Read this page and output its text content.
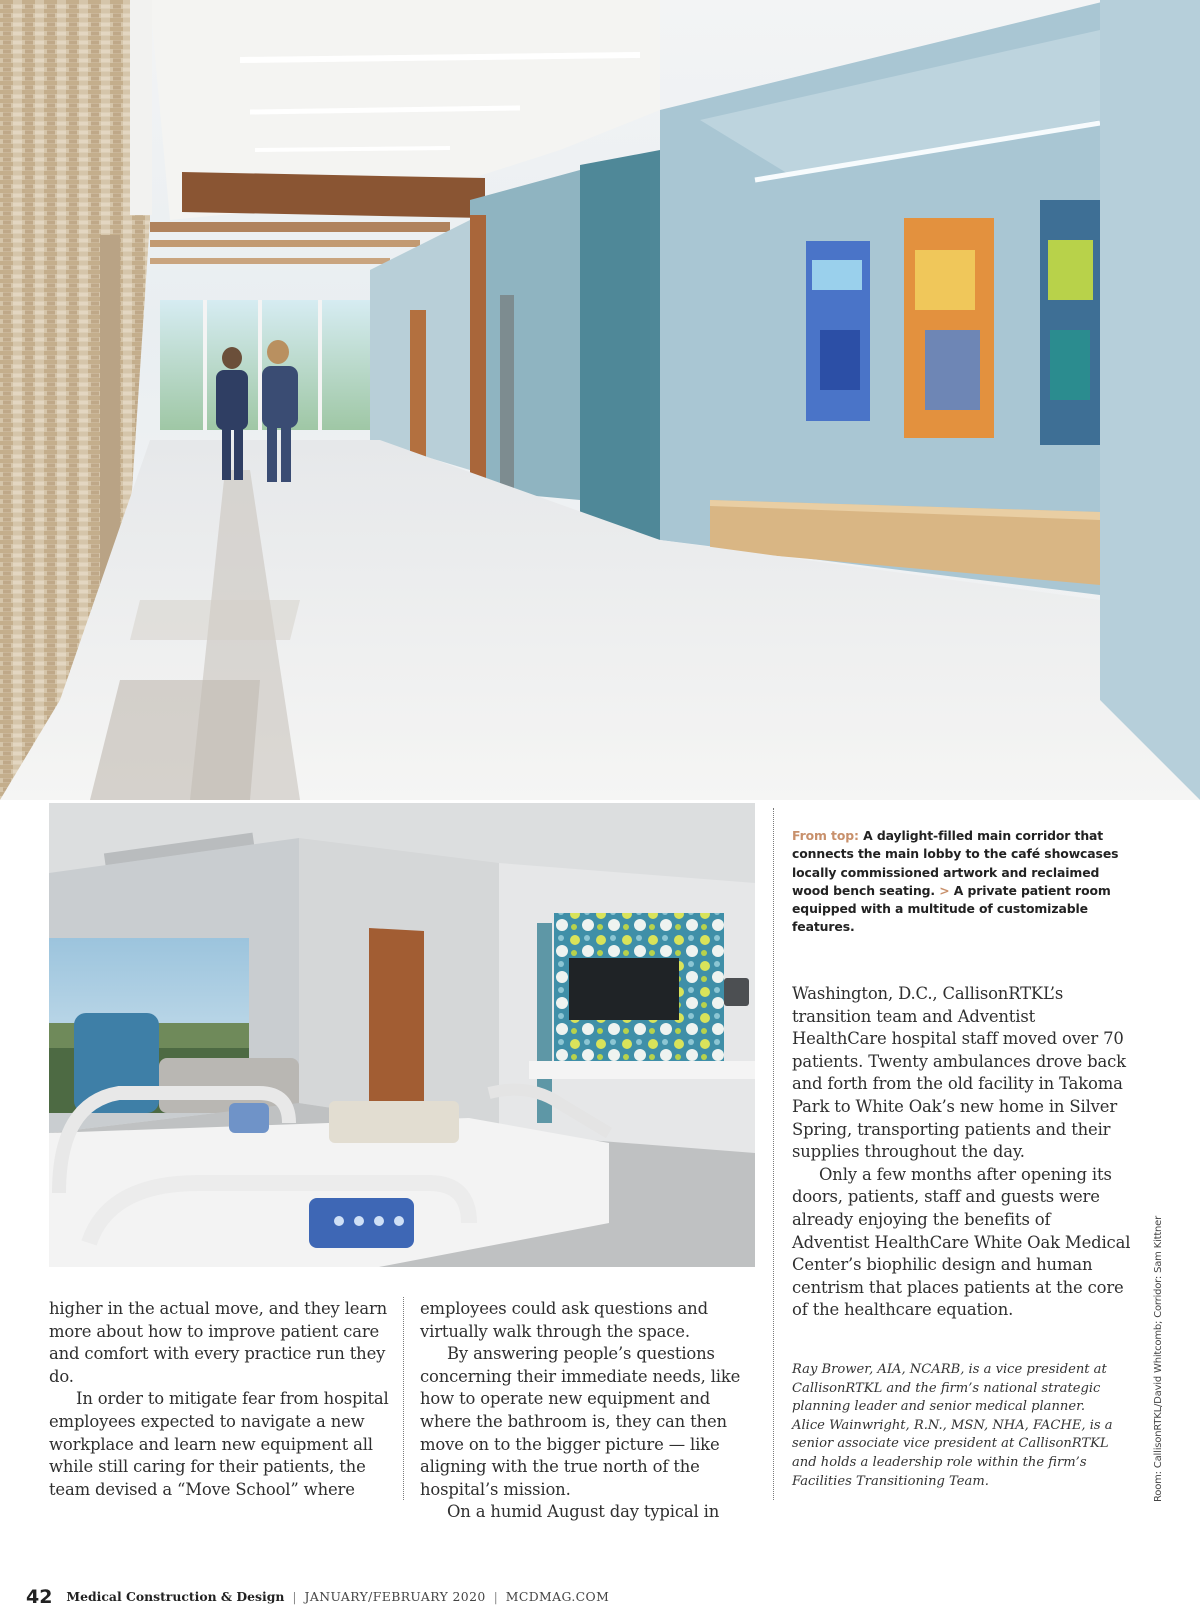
From top: A daylight-filled main corridor that connects the main lobby to the café showcases locally commissioned artwork and reclaimed wood bench seating. > A private patient room equipped with a multitude of customizable features.

higher in the actual move, and they learn more about how to improve patient care and comfort with every practice run they do.

In order to mitigate fear from hospital employees expected to navigate a new workplace and learn new equipment all while still caring for their patients, the team devised a “Move School” where

employees could ask questions and virtually walk through the space.

By answering people’s questions concerning their immediate needs, like how to operate new equipment and where the bathroom is, they can then move on to the bigger picture — like aligning with the true north of the hospital’s mission.

On a humid August day typical in

Washington, D.C., CallisonRTKL’s transition team and Adventist HealthCare hospital staff moved over 70 patients. Twenty ambulances drove back and forth from the old facility in Takoma Park to White Oak’s new home in Silver Spring, transporting patients and their supplies throughout the day.

Only a few months after opening its doors, patients, staff and guests were already enjoying the benefits of Adventist HealthCare White Oak Medical Center’s biophilic design and human centrism that places patients at the core of the healthcare equation.

Ray Brower, AIA, NCARB, is a vice president at CallisonRTKL and the firm’s national strategic planning leader and senior medical planner.

Alice Wainwright, R.N., MSN, NHA, FACHE, is a senior associate vice president at CallisonRTKL and holds a leadership role within the firm’s Facilities Transitioning Team.	Room: CallisonRTKL/David Whitcomb; Corridor: Sam Kittner
42 Medical Construction & Design | JANUARY/FEBRUARY 2020 | MCDMAG.COM
